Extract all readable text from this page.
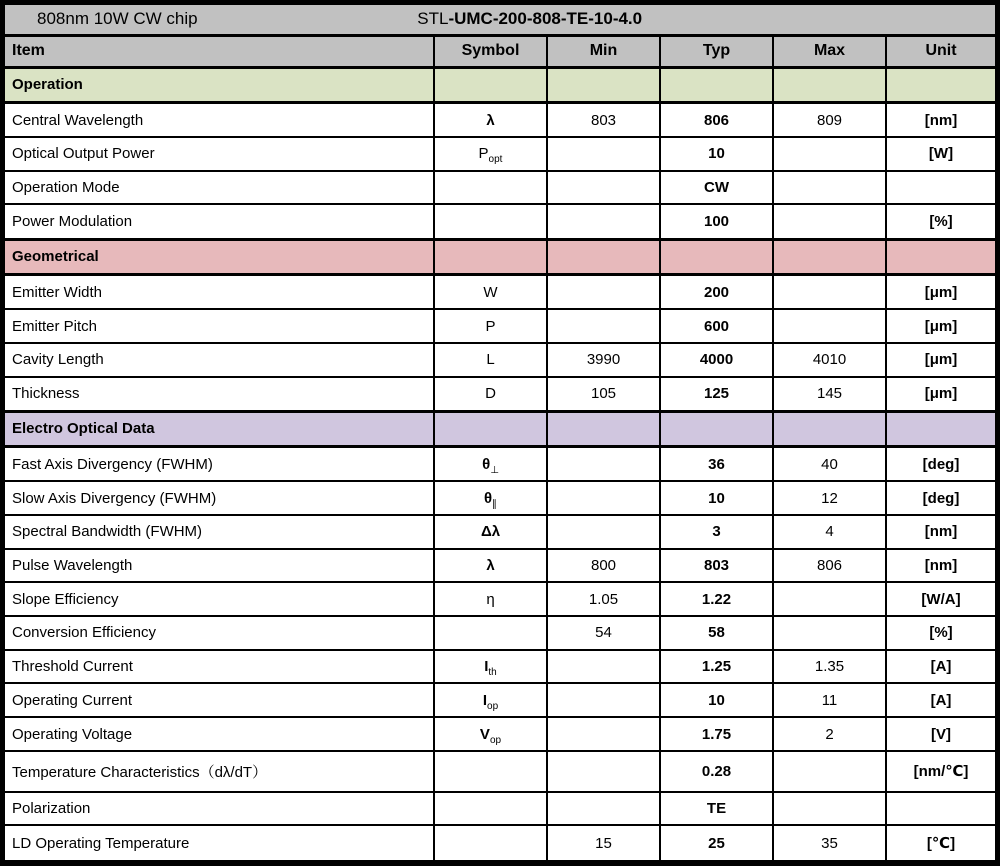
808nm 10W CW chip STL-UMC-200-808-TE-10-4.0					

Item	Symbol	Min	Typ	Max	Unit
Operation					
Central Wavelength	λ	803	806	809	[nm]
Optical Output Power	$P_{opt}$		10		[W]
Operation Mode			CW		
Power Modulation			100		[%]
Geometrical					
Emitter Width	W		200		[μm]
Emitter Pitch	P		600		[μm]
Cavity Length	L	3990	4000	4010	[μm]
Thickness	D	105	125	145	[μm]
Electro Optical Data					
Fast Axis Divergency (FWHM)	$\theta_\perp$		36	40	[deg]
Slow Axis Divergency (FWHM)	$\theta_\parallel$		10	12	[deg]
Spectral Bandwidth (FWHM)	Δλ		3	4	[nm]
Pulse Wavelength	λ	800	803	806	[nm]
Slope Efficiency	η	1.05	1.22		[W/A]
Conversion Efficiency		54	58		[%]
Threshold Current	$I_{th}$		1.25	1.35	[A]
Operating Current	$I_{op}$		10	11	[A]
Operating Voltage	$V_{op}$		1.75	2	[V]
Temperature Characteristics（dλ/dT）			0.28		[nm/℃]
Polarization			TE		
LD Operating Temperature		15	25	35	[℃]
